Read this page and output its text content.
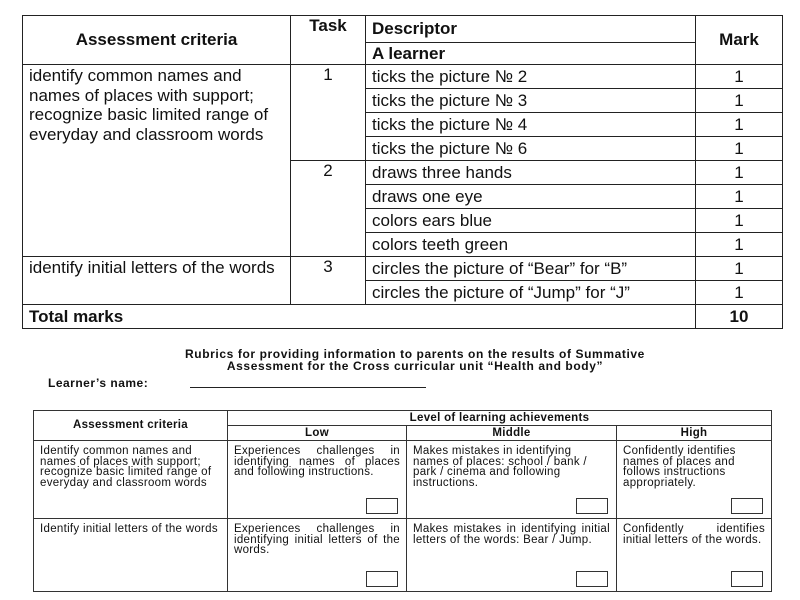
Assessment criteria	Task	Descriptor	Mark
		A learner	
identify common names and names of places with support; recognize basic limited range of everyday and classroom words	1	ticks the picture № 2	1
		ticks the picture № 3	1
		ticks the picture № 4	1
		ticks the picture № 6	1
	2	draws three hands	1
		draws one eye	1
		colors ears blue	1
		colors teeth green	1
identify initial letters of the words	3	circles the picture of “Bear” for “B”	1
		circles the picture of “Jump” for “J”	1
Total marks			10
Rubrics for providing information to parents on the results of Summative
Assessment for the Cross curricular unit “Health and body”
Learner’s name:
Assessment criteria	Level of learning achievements		
	Low	Middle	High
Identify common names and names of places with support; recognize basic limited range of everyday and classroom words	Experiences challenges in identifying names of places and following instructions.	Makes mistakes in identifying names of places: school / bank / park / cinema and following instructions.	Confidently identifies names of places and follows instructions appropriately.

Identify initial letters of the words	Experiences challenges in identifying initial letters of the words.	Makes mistakes in identifying initial letters of the words: Bear / Jump.	Confidently identifies initial letters of the words.
